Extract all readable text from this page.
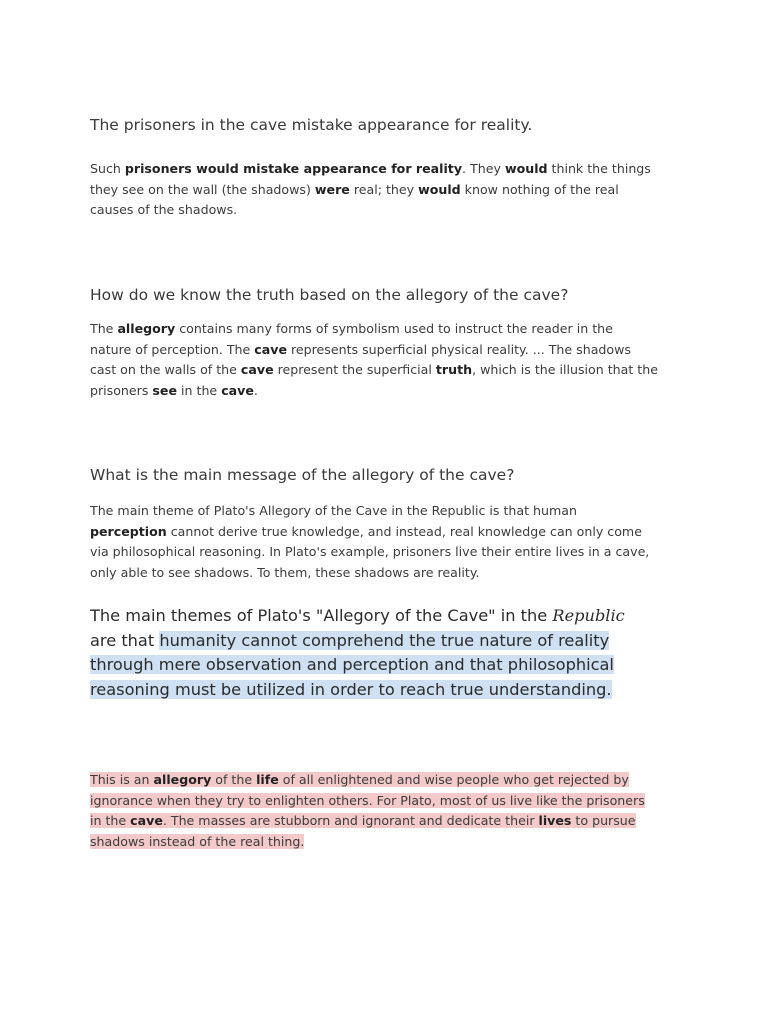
The prisoners in the cave mistake appearance for reality.

Such prisoners would mistake appearance for reality. They would think the things
they see on the wall (the shadows) were real; they would know nothing of the real
causes of the shadows.

How do we know the truth based on the allegory of the cave?

The allegory contains many forms of symbolism used to instruct the reader in the
nature of perception. The cave represents superficial physical reality. ... The shadows
cast on the walls of the cave represent the superficial truth, which is the illusion that the
prisoners see in the cave.

What is the main message of the allegory of the cave?

The main theme of Plato's Allegory of the Cave in the Republic is that human
perception cannot derive true knowledge, and instead, real knowledge can only come
via philosophical reasoning. In Plato's example, prisoners live their entire lives in a cave,
only able to see shadows. To them, these shadows are reality.

The main themes of Plato's "Allegory of the Cave" in the Republic
are that humanity cannot comprehend the true nature of reality
through mere observation and perception and that philosophical
reasoning must be utilized in order to reach true understanding.

This is an allegory of the life of all enlightened and wise people who get rejected by
ignorance when they try to enlighten others. For Plato, most of us live like the prisoners
in the cave. The masses are stubborn and ignorant and dedicate their lives to pursue
shadows instead of the real thing.
